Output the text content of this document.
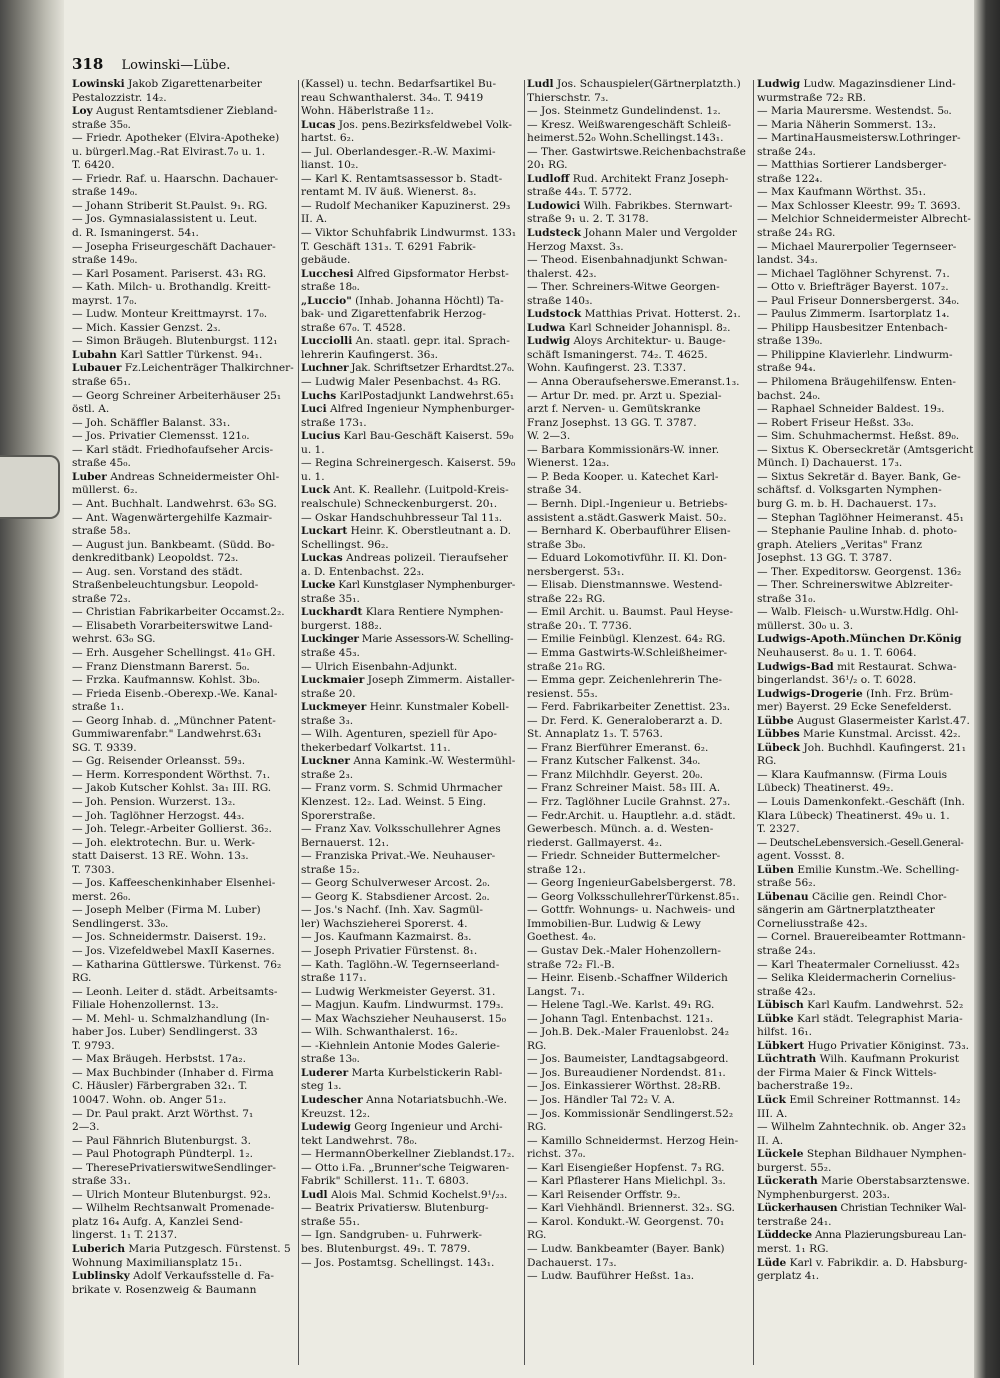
318 Lowinski—Lübe.
Lowinski Jakob Zigarettenarbeiter
Pestalozzistr. 14₂.
Loy August Rentamtsdiener Ziebland-
straße 35₀.
— Friedr. Apotheker (Elvira-Apotheke)
u. bürgerl.Mag.-Rat Elvirast.7₀ u. 1.
T. 6420.
— Friedr. Raf. u. Haarschn. Dachauer-
straße 149₀.
— Johann Striberit St.Paulst. 9₁. RG.
— Jos. Gymnasialassistent u. Leut.
d. R. Ismaningerst. 54₁.
— Josepha Friseurgeschäft Dachauer-
straße 149₀.
— Karl Posament. Pariserst. 43₁ RG.
— Kath. Milch- u. Brothandlg. Kreitt-
mayrst. 17₀.
— Ludw. Monteur Kreittmayrst. 17₀.
— Mich. Kassier Genzst. 2₃.
— Simon Bräugeh. Blutenburgst. 112₁
Lubahn Karl Sattler Türkenst. 94₁.
Lubauer Fz.Leichenträger Thalkirchner-
straße 65₁.
— Georg Schreiner Arbeiterhäuser 25₁
östl. A.
— Joh. Schäffler Balanst. 33₁.
— Jos. Privatier Clemensst. 121₀.
— Karl städt. Friedhofaufseher Arcis-
straße 45₀.
Luber Andreas Schneidermeister Ohl-
müllerst. 6₂.
— Ant. Buchhalt. Landwehrst. 63₀ SG.
— Ant. Wagenwärtergehilfe Kazmair-
straße 58₃.
— August jun. Bankbeamt. (Südd. Bo-
denkreditbank) Leopoldst. 72₃.
— Aug. sen. Vorstand des städt.
Straßenbeleuchtungsbur. Leopold-
straße 72₃.
— Christian Fabrikarbeiter Occamst.2₂.
— Elisabeth Vorarbeiterswitwe Land-
wehrst. 63₀ SG.
— Erh. Ausgeher Schellingst. 41₀ GH.
— Franz Dienstmann Barerst. 5₀.
— Frzka. Kaufmannsw. Kohlst. 3b₀.
— Frieda Eisenb.-Oberexp.-We. Kanal-
straße 1₁.
— Georg Inhab. d. „Münchner Patent-
Gummiwarenfabr." Landwehrst.63₁
SG. T. 9339.
— Gg. Reisender Orleansst. 59₃.
— Herm. Korrespondent Wörthst. 7₁.
— Jakob Kutscher Kohlst. 3a₁ III. RG.
— Joh. Pension. Wurzerst. 13₂.
— Joh. Taglöhner Herzogst. 44₃.
— Joh. Telegr.-Arbeiter Gollierst. 36₂.
— Joh. elektrotechn. Bur. u. Werk-
statt Daiserst. 13 RE. Wohn. 13₃.
T. 7303.
— Jos. Kaffeeschenkinhaber Elsenhei-
merst. 26₀.
— Joseph Melber (Firma M. Luber)
Sendlingerst. 33₀.
— Jos. Schneidermstr. Daiserst. 19₂.
— Jos. Vizefeldwebel MaxII Kasernes.
— Katharina Güttlerswe. Türkenst. 76₂
RG.
— Leonh. Leiter d. städt. Arbeitsamts-
Filiale Hohenzollernst. 13₂.
— M. Mehl- u. Schmalzhandlung (In-
haber Jos. Luber) Sendlingerst. 33
T. 9793.
— Max Bräugeh. Herbstst. 17a₂.
— Max Buchbinder (Inhaber d. Firma
C. Häusler) Färbergraben 32₁. T.
10047. Wohn. ob. Anger 51₂.
— Dr. Paul prakt. Arzt Wörthst. 7₁
2—3.
— Paul Fähnrich Blutenburgst. 3.
— Paul Photograph Pündterpl. 1₂.
— TheresePrivatierswitweSendlinger-
straße 33₁.
— Ulrich Monteur Blutenburgst. 92₃.
— Wilhelm Rechtsanwalt Promenade-
platz 16₄ Aufg. A, Kanzlei Send-
lingerst. 1₁ T. 2137.
Luberich Maria Putzgesch. Fürstenst. 5
Wohnung Maximiliansplatz 15₁.
Lublinsky Adolf Verkaufsstelle d. Fa-
brikate v. Rosenzweig & Baumann
(Kassel) u. techn. Bedarfsartikel Bu-
reau Schwanthalerst. 34₀. T. 9419
Wohn. Häberlstraße 11₂.
Lucas Jos. pens.Bezirksfeldwebel Volk-
hartst. 6₂.
— Jul. Oberlandesger.-R.-W. Maximi-
lianst. 10₂.
— Karl K. Rentamtsassessor b. Stadt-
rentamt M. IV äuß. Wienerst. 8₃.
— Rudolf Mechaniker Kapuzinerst. 29₃
II. A.
— Viktor Schuhfabrik Lindwurmst. 133₁
T. Geschäft 131₃. T. 6291 Fabrik-
gebäude.
Lucchesi Alfred Gipsformator Herbst-
straße 18₀.
„Luccio" (Inhab. Johanna Höchtl) Ta-
bak- und Zigarettenfabrik Herzog-
straße 67₀. T. 4528.
Lucciolli An. staatl. gepr. ital. Sprach-
lehrerin Kaufingerst. 36₃.
Luchner Jak. Schriftsetzer Erhardtst.27₀.
— Ludwig Maler Pesenbachst. 4₃ RG.
Luchs KarlPostadjunkt Landwehrst.65₁
Luci Alfred Ingenieur Nymphenburger-
straße 173₁.
Lucius Karl Bau-Geschäft Kaiserst. 59₀
u. 1.
— Regina Schreinergesch. Kaiserst. 59₀
u. 1.
Luck Ant. K. Reallehr. (Luitpold-Kreis-
realschule) Schneckenburgerst. 20₁.
— Oskar Handschuhbresseur Tal 11₃.
Luckart Heinr. K. Oberstleutnant a. D.
Schellingst. 96₂.
Luckas Andreas polizeil. Tieraufseher
a. D. Entenbachst. 22₃.
Lucke Karl Kunstglaser Nymphenburger-
straße 35₁.
Luckhardt Klara Rentiere Nymphen-
burgerst. 188₂.
Luckinger Marie Assessors-W. Schelling-
straße 45₃.
— Ulrich Eisenbahn-Adjunkt.
Luckmaier Joseph Zimmerm. Aistaller-
straße 20.
Luckmeyer Heinr. Kunstmaler Kobell-
straße 3₃.
— Wilh. Agenturen, speziell für Apo-
thekerbedarf Volkartst. 11₁.
Luckner Anna Kamink.-W. Westermühl-
straße 2₃.
— Franz vorm. S. Schmid Uhrmacher
Klenzest. 12₂. Lad. Weinst. 5 Eing.
Sporerstraße.
— Franz Xav. Volksschullehrer Agnes
Bernauerst. 12₁.
— Franziska Privat.-We. Neuhauser-
straße 15₂.
— Georg Schulverweser Arcost. 2₀.
— Georg K. Stabsdiener Arcost. 2₀.
— Jos.'s Nachf. (Inh. Xav. Sagmül-
ler) Wachszieherei Sporerst. 4.
— Jos. Kaufmann Kazmairst. 8₃.
— Joseph Privatier Fürstenst. 8₁.
— Kath. Taglöhn.-W. Tegernseerland-
straße 117₁.
— Ludwig Werkmeister Geyerst. 31.
— Magjun. Kaufm. Lindwurmst. 179₃.
— Max Wachszieher Neuhauserst. 15₀
— Wilh. Schwanthalerst. 16₂.
— -Kiehnlein Antonie Modes Galerie-
straße 13₀.
Luderer Marta Kurbelstickerin Rabl-
steg 1₃.
Ludescher Anna Notariatsbuchh.-We.
Kreuzst. 12₂.
Ludewig Georg Ingenieur und Archi-
tekt Landwehrst. 78₀.
— HermannOberkellner Zieblandst.17₂.
— Otto i.Fa. „Brunner'sche Teigwaren-
Fabrik" Schillerst. 11₁. T. 6803.
Ludl Alois Mal. Schmid Kochelst.9¹/₂₃.
— Beatrix Privatiersw. Blutenburg-
straße 55₁.
— Ign. Sandgruben- u. Fuhrwerk-
bes. Blutenburgst. 49₁. T. 7879.
— Jos. Postamtsg. Schellingst. 143₁.
Ludl Jos. Schauspieler(Gärtnerplatzth.)
Thierschstr. 7₃.
— Jos. Steinmetz Gundelindenst. 1₂.
— Kresz. Weißwarengeschäft Schleiß-
heimerst.52₀ Wohn.Schellingst.143₁.
— Ther. Gastwirtswe.Reichenbachstraße
20₁ RG.
Ludloff Rud. Architekt Franz Joseph-
straße 44₃. T. 5772.
Ludowici Wilh. Fabrikbes. Sternwart-
straße 9₁ u. 2. T. 3178.
Ludsteck Johann Maler und Vergolder
Herzog Maxst. 3₃.
— Theod. Eisenbahnadjunkt Schwan-
thalerst. 42₃.
— Ther. Schreiners-Witwe Georgen-
straße 140₃.
Ludstock Matthias Privat. Hotterst. 2₁.
Ludwa Karl Schneider Johannispl. 8₂.
Ludwig Aloys Architektur- u. Bauge-
schäft Ismaningerst. 74₂. T. 4625.
Wohn. Kaufingerst. 23. T.337.
— Anna Oberaufseherswe.Emeranst.1₃.
— Artur Dr. med. pr. Arzt u. Spezial-
arzt f. Nerven- u. Gemütskranke
Franz Josephst. 13 GG. T. 3787.
W. 2—3.
— Barbara Kommissionärs-W. inner.
Wienerst. 12a₃.
— P. Beda Kooper. u. Katechet Karl-
straße 34.
— Bernh. Dipl.-Ingenieur u. Betriebs-
assistent a.städt.Gaswerk Maist. 50₂.
— Bernhard K. Oberbauführer Elisen-
straße 3b₀.
— Eduard Lokomotivführ. II. Kl. Don-
nersbergerst. 53₁.
— Elisab. Dienstmannswe. Westend-
straße 22₃ RG.
— Emil Archit. u. Baumst. Paul Heyse-
straße 20₁. T. 7736.
— Emilie Feinbügl. Klenzest. 64₂ RG.
— Emma Gastwirts-W.Schleißheimer-
straße 21₀ RG.
— Emma gepr. Zeichenlehrerin The-
resienst. 55₃.
— Ferd. Fabrikarbeiter Zenettist. 23₃.
— Dr. Ferd. K. Generaloberarzt a. D.
St. Annaplatz 1₃. T. 5763.
— Franz Bierführer Emeranst. 6₂.
— Franz Kutscher Falkenst. 34₀.
— Franz Milchhdlr. Geyerst. 20₀.
— Franz Schreiner Maist. 58₃ III. A.
— Frz. Taglöhner Lucile Grahnst. 27₃.
— Fedr.Archit. u. Hauptlehr. a.d. städt.
Gewerbesch. Münch. a. d. Westen-
riederst. Gallmayerst. 4₂.
— Friedr. Schneider Buttermelcher-
straße 12₁.
— Georg IngenieurGabelsbergerst. 78.
— Georg VolksschullehrerTürkenst.85₁.
— Gottfr. Wohnungs- u. Nachweis- und
Immobilien-Bur. Ludwig & Lewy
Goethest. 4₀.
— Gustav Dek.-Maler Hohenzollern-
straße 72₂ Fl.-B.
— Heinr. Eisenb.-Schaffner Wilderich
Langst. 7₁.
— Helene Tagl.-We. Karlst. 49₁ RG.
— Johann Tagl. Entenbachst. 121₃.
— Joh.B. Dek.-Maler Frauenlobst. 24₂
RG.
— Jos. Baumeister, Landtagsabgeord.
— Jos. Bureaudiener Nordendst. 81₁.
— Jos. Einkassierer Wörthst. 28₂RB.
— Jos. Händler Tal 72₂ V. A.
— Jos. Kommissionär Sendlingerst.52₂
RG.
— Kamillo Schneidermst. Herzog Hein-
richst. 37₀.
— Karl Eisengießer Hopfenst. 7₃ RG.
— Karl Pflasterer Hans Mielichpl. 3₃.
— Karl Reisender Orffstr. 9₂.
— Karl Viehhändl. Briennerst. 32₃. SG.
— Karol. Kondukt.-W. Georgenst. 70₁
RG.
— Ludw. Bankbeamter (Bayer. Bank)
Dachauerst. 17₃.
— Ludw. Bauführer Heßst. 1a₃.
Ludwig Ludw. Magazinsdiener Lind-
wurmstraße 72₂ RB.
— Maria Maurersme. Westendst. 5₀.
— Maria Näherin Sommerst. 13₂.
— MartinaHausmeistersw.Lothringer-
straße 24₃.
— Matthias Sortierer Landsberger-
straße 122₄.
— Max Kaufmann Wörthst. 35₁.
— Max Schlosser Kleestr. 99₂ T. 3693.
— Melchior Schneidermeister Albrecht-
straße 24₃ RG.
— Michael Maurerpolier Tegernseer-
landst. 34₃.
— Michael Taglöhner Schyrenst. 7₁.
— Otto v. Briefträger Bayerst. 107₂.
— Paul Friseur Donnersbergerst. 34₀.
— Paulus Zimmerm. Isartorplatz 1₄.
— Philipp Hausbesitzer Entenbach-
straße 139₀.
— Philippine Klavierlehr. Lindwurm-
straße 94₄.
— Philomena Bräugehilfensw. Enten-
bachst. 24₀.
— Raphael Schneider Baldest. 19₃.
— Robert Friseur Heßst. 33₀.
— Sim. Schuhmachermst. Heßst. 89₀.
— Sixtus K. Oberseckretär (Amtsgericht
Münch. I) Dachauerst. 17₃.
— Sixtus Sekretär d. Bayer. Bank, Ge-
schäftsf. d. Volksgarten Nymphen-
burg G. m. b. H. Dachauerst. 17₃.
— Stephan Taglöhner Heimeranst. 45₁
— Stephanie Pauline Inhab. d. photo-
graph. Ateliers „Veritas" Franz
Josephst. 13 GG. T. 3787.
— Ther. Expeditorsw. Georgenst. 136₂
— Ther. Schreinerswitwe Ablzreiter-
straße 31₀.
— Walb. Fleisch- u.Wurstw.Hdlg. Ohl-
müllerst. 30₀ u. 3.
Ludwigs-Apoth.München Dr.König
Neuhauserst. 8₀ u. 1. T. 6064.
Ludwigs-Bad mit Restaurat. Schwa-
bingerlandst. 36¹/₂ o. T. 6028.
Ludwigs-Drogerie (Inh. Frz. Brüm-
mer) Bayerst. 29 Ecke Senefelderst.
Lübbe August Glasermeister Karlst.47.
Lübbes Marie Kunstmal. Arcisst. 42₂.
Lübeck Joh. Buchhdl. Kaufingerst. 21₁
RG.
— Klara Kaufmannsw. (Firma Louis
Lübeck) Theatinerst. 49₂.
— Louis Damenkonfekt.-Geschäft (Inh.
Klara Lübeck) Theatinerst. 49₀ u. 1.
T. 2327.
— DeutscheLebensversich.-Gesell.General-
agent. Vossst. 8.
Lüben Emilie Kunstm.-We. Schelling-
straße 56₂.
Lübenau Cäcilie gen. Reindl Chor-
sängerin am Gärtnerplatztheater
Corneliusstraße 42₃.
— Cornel. Brauereibeamter Rottmann-
straße 24₃.
— Karl Theatermaler Corneliusst. 42₃
— Selika Kleidermacherin Cornelius-
straße 42₃.
Lübisch Karl Kaufm. Landwehrst. 52₂
Lübke Karl städt. Telegraphist Maria-
hilfst. 16₁.
Lübkert Hugo Privatier Königinst. 73₃.
Lüchtrath Wilh. Kaufmann Prokurist
der Firma Maier & Finck Wittels-
bacherstraße 19₂.
Lück Emil Schreiner Rottmannst. 14₂
III. A.
— Wilhelm Zahntechnik. ob. Anger 32₃
II. A.
Lückele Stephan Bildhauer Nymphen-
burgerst. 55₂.
Lückerath Marie Oberstabsarztenswe.
Nymphenburgerst. 203₃.
Lückerhausen Christian Techniker Wal-
terstraße 24₁.
Lüddecke Anna Plazierungsbureau Lan-
merst. 1₁ RG.
Lüde Karl v. Fabrikdir. a. D. Habsburg-
gerplatz 4₁.
